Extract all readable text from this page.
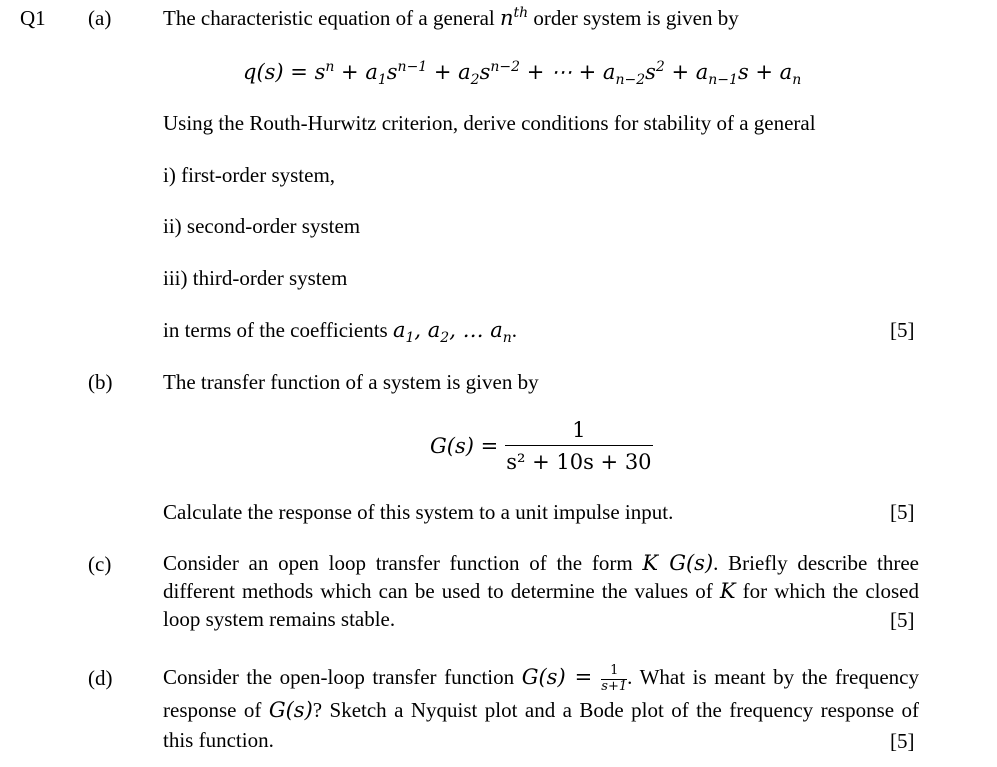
Q1 (a) The characteristic equation of a general $n^{th}$ order system is given by
$q(s) = s^n + a_1s^{n-1} + a_2s^{n-2}$ + ⋯ + $a_{n-2}s^2 + a_{n-1}s + a_n$
Using the Routh-Hurwitz criterion, derive conditions for stability of a general
i) first-order system,
ii) second-order system
iii) third-order system
in terms of the coefficients $a_1$, $a_2$, … $a_n$.	[5]
(b) The transfer function of a system is given by
$G(s) = \frac{1}{\text{s² + 10s + 30}}$
Calculate the response of this system to a unit impulse input.	[5]
(c) Consider an open loop transfer function of the form K G(s). Briefly describe three different methods which can be used to determine the values of K for which the closed loop system remains stable.	[5]
(d) Consider the open-loop transfer function $G(s) = \frac{1}{s+1}$ . What is meant by the frequency response of G(s)? Sketch a Nyquist plot and a Bode plot of the frequency response of this function.	[5]
